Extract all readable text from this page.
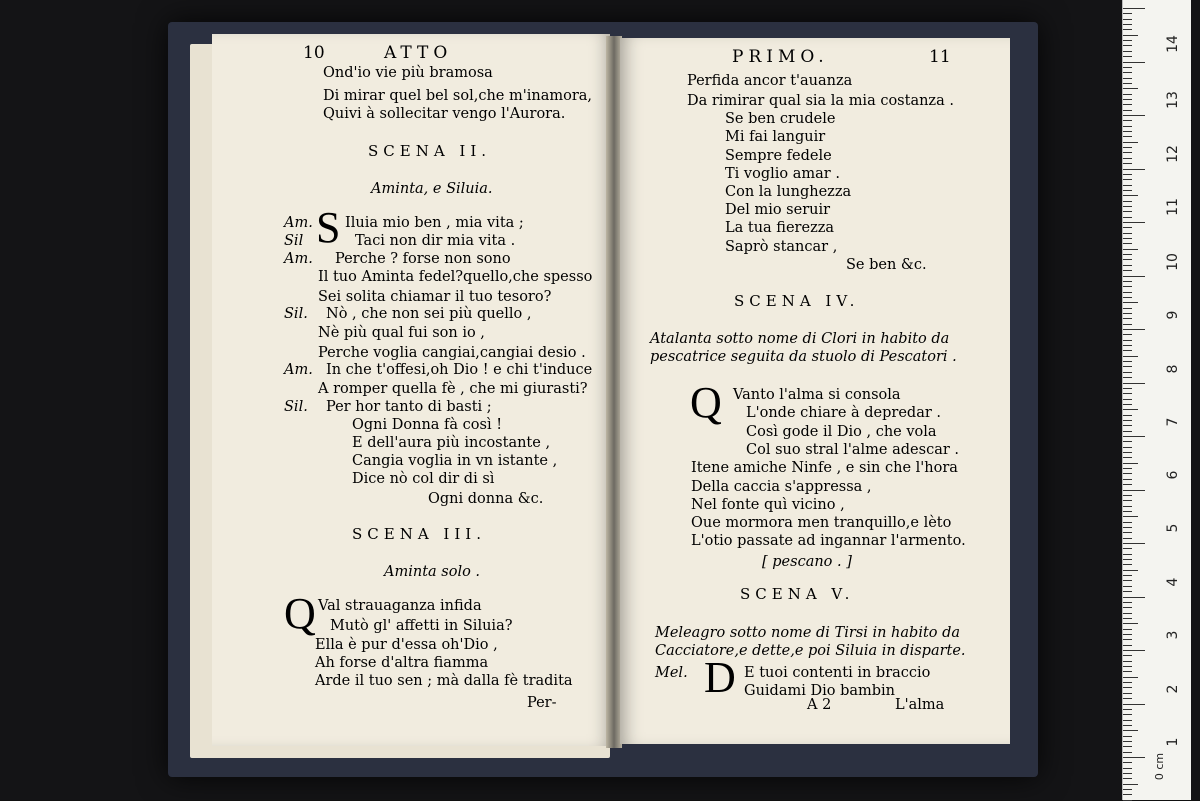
10	ATTO
Ond'io vie più bramosa
Di mirar quel bel sol,che m'inamora,
Quivi à sollecitar vengo l'Aurora.
SCENA II.
Aminta, e Siluia.
S
Am. Iluia mio ben , mia vita ;
Sil	Taci non dir mia vita .
Am. Perche ? forse non sono
Il tuo Aminta fedel?quello,che spesso
Sei solita chiamar il tuo tesoro?
Sil. Nò , che non sei più quello ,
Nè più qual fui son io ,
Perche voglia cangiai,cangiai desio .
Am. In che t'offesi,oh Dio ! e chi t'induce
A romper quella fè , che mi giurasti?
Sil. Per hor tanto di basti ;
Ogni Donna fà così !
E dell'aura più incostante ,
Cangia voglia in vn istante ,
Dice nò col dir di sì
Ogni donna &c.
SCENA III.
Aminta solo .
Q Val strauaganza infida
Mutò gl' affetti in Siluia?
Ella è pur d'essa oh'Dio ,
Ah forse d'altra fiamma
Arde il tuo sen ; mà dalla fè tradita
Per-
PRIMO.	11
Perfida ancor t'auanza
Da rimirar qual sia la mia costanza .
Se ben crudele
Mi fai languir
Sempre fedele
Ti voglio amar .
Con la lunghezza
Del mio seruir
La tua fierezza
Saprò stancar ,
Se ben &c.
SCENA IV.
Atalanta sotto nome di Clori in habito da
pescatrice seguita da stuolo di Pescatori .
Q Vanto l'alma si consola
L'onde chiare à depredar .
Così gode il Dio , che vola
Col suo stral l'alme adescar .
Itene amiche Ninfe , e sin che l'hora
Della caccia s'appressa ,
Nel fonte quì vicino ,
Oue mormora men tranquillo,e lèto
L'otio passate ad ingannar l'armento.
[ pescano . ]
SCENA V.
Meleagro sotto nome di Tirsi in habito da
Cacciatore,e dette,e poi Siluia in disparte.
Mel. D E tuoi contenti in braccio
Guidami Dio bambin
A 2	L'alma
14
13
12
11
10
9
8
7
6
5
4
3
2
1
0 cm
